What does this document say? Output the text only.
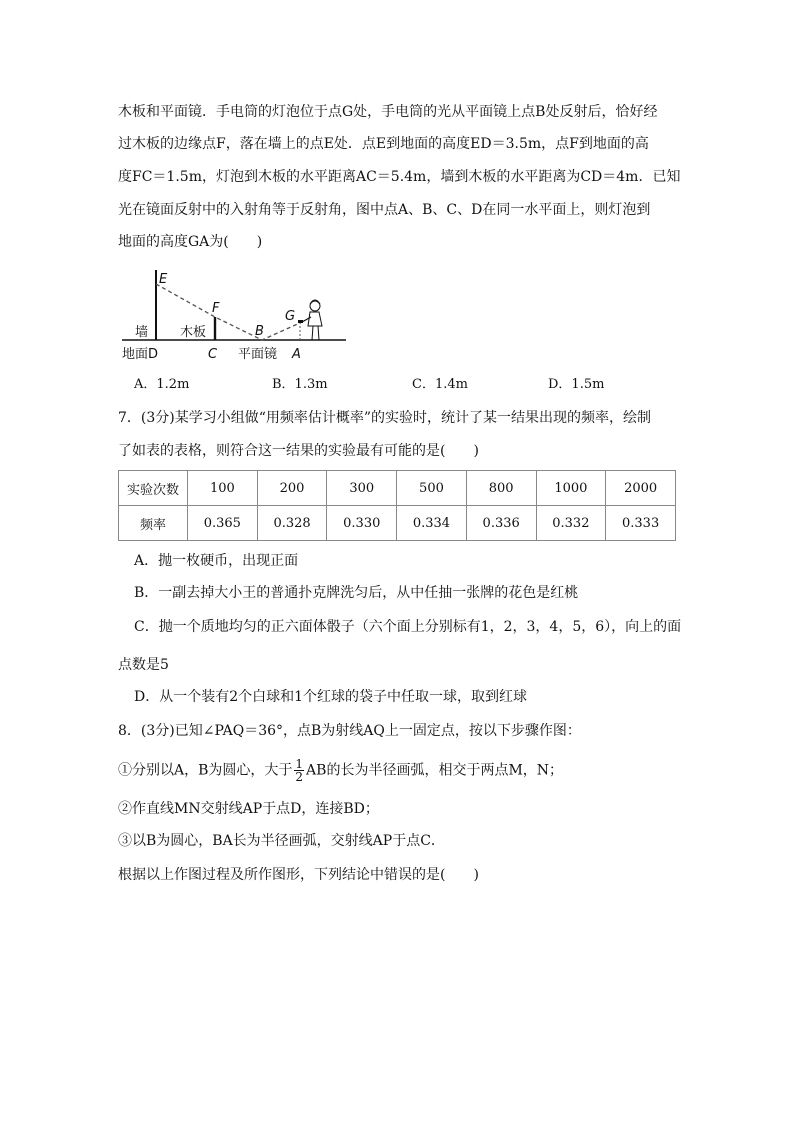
木板和平面镜．手电筒的灯泡位于点G处，手电筒的光从平面镜上点B处反射后，恰好经
过木板的边缘点F，落在墙上的点E处．点E到地面的高度ED＝3.5m，点F到地面的高
度FC＝1.5m，灯泡到木板的水平距离AC＝5.4m，墙到木板的水平距离为CD＝4m．已知
光在镜面反射中的入射角等于反射角，图中点A、B、C、D在同一水平面上，则灯泡到
地面的高度GA为(　　)
E
F
G
B
墙 木板
地面D	C 平面镜 A
A．1.2m	B．1.3m	C．1.4m	D．1.5m
7．(3分)某学习小组做“用频率估计概率”的实验时，统计了某一结果出现的频率，绘制
了如表的表格，则符合这一结果的实验最有可能的是(　　)
实验次数	100	200	300	500	800	1000	2000
频率	0.365	0.328	0.330	0.334	0.336	0.332	0.333
A．抛一枚硬币，出现正面
B．一副去掉大小王的普通扑克牌洗匀后，从中任抽一张牌的花色是红桃
C．抛一个质地均匀的正六面体骰子（六个面上分别标有1，2，3，4，5，6），向上的面
点数是5
D．从一个装有2个白球和1个红球的袋子中任取一球，取到红球
8．(3分)已知∠PAQ＝36°，点B为射线AQ上一固定点，按以下步骤作图：
①分别以A，B为圆心，大于 $\frac{1}{2}$ AB的长为半径画弧，相交于两点M，N；
②作直线MN交射线AP于点D，连接BD；
③以B为圆心，BA长为半径画弧，交射线AP于点C．
根据以上作图过程及所作图形，下列结论中错误的是(　　)
